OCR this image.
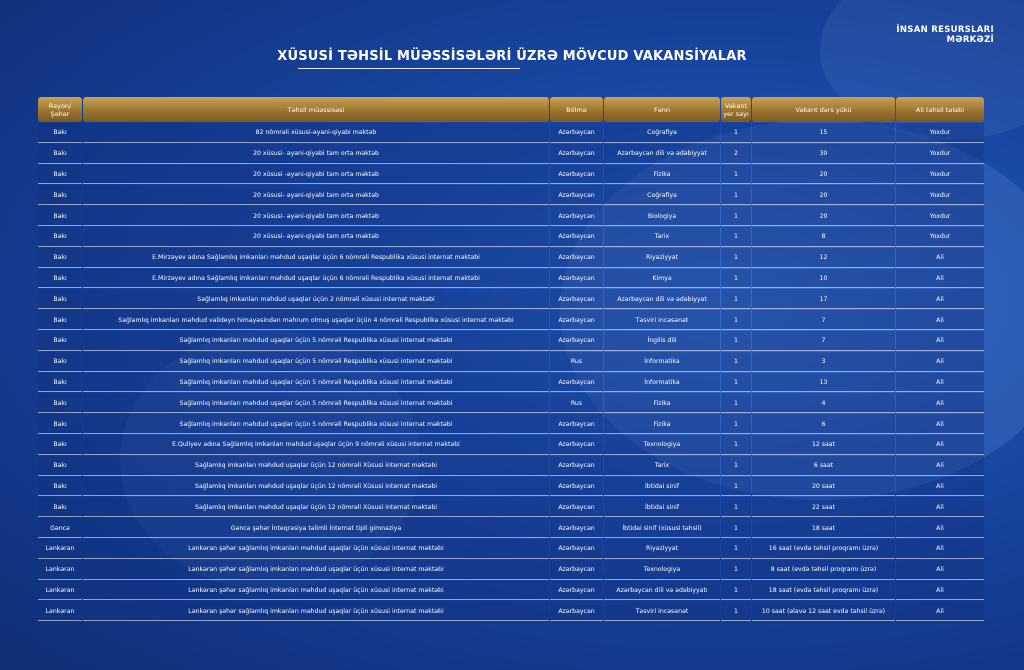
İNSAN RESURSLARI
MƏRKƏZİ
XÜSUSİ TƏHSİL MÜƏSSİSƏLƏRİ ÜZRƏ MÖVCUD VAKANSİYALAR
Rayon/Şəhər	Təhsil müəssisəsi	Bölmə	Fənn	Vakant yer sayı	Vakant dərs yükü	Ali təhsil tələbi
Bakı	82 nömrəli xüsusi-əyani-qiyabi məktəb	Azərbaycan	Coğrafiya	1	15	Yoxdur
Bakı	20 xüsusi- əyani-qiyabi tam orta məktəb	Azərbaycan	Azərbaycan dili və ədəbiyyat	2	30	Yoxdur
Bakı	20 xüsusi -əyani-qiyabi tam orta məktəb	Azərbaycan	Fizika	1	20	Yoxdur
Bakı	20 xüsusi- əyani-qiyabi tam orta məktəb	Azərbaycan	Coğrafiya	1	20	Yoxdur
Bakı	20 xüsusi- əyani-qiyabi tam orta məktəb	Azərbaycan	Biologiya	1	20	Yoxdur
Bakı	20 xüsusi- əyani-qiyabi tam orta məktəb	Azərbaycan	Tarix	1	8	Yoxdur
Bakı	E.Mirzəyev adına Sağlamlıq imkanları məhdud uşaqlar üçün 6 nömrəli Respublika xüsusi internat məktəbi	Azərbaycan	Riyaziyyat	1	12	Ali
Bakı	E.Mirzəyev adına Sağlamlıq imkanları məhdud uşaqlar üçün 6 nömrəli Respublika xüsusi internat məktəbi	Azərbaycan	Kimya	1	10	Ali
Bakı	Sağlamlıq imkanları məhdud uşaqlar üçün 2 nömrəli xüsusi internat məktəbi	Azərbaycan	Azərbaycan dili və ədəbiyyat	1	17	Ali
Bakı	Sağlamlıq imkanları məhdud valideyn himayəsindən məhrum olmuş uşaqlar üçün 4 nömrəli Respublika xüsusi internat məktəbi	Azərbaycan	Təsviri incəsənət	1	7	Ali
Bakı	Sağlamlıq imkanları məhdud uşaqlar üçün 5 nömrəli Respublika xüsusi internat məktəbi	Azərbaycan	İngilis dili	1	7	Ali
Bakı	Sağlamlıq imkanları məhdud uşaqlar üçün 5 nömrəli Respublika xüsusi internat məktəbi	Rus	İnformatika	1	3	Ali
Bakı	Sağlamlıq imkanları məhdud uşaqlar üçün 5 nömrəli Respublika xüsusi internat məktəbi	Azərbaycan	İnformatika	1	13	Ali
Bakı	Sağlamlıq imkanları məhdud uşaqlar üçün 5 nömrəli Respublika xüsusi internat məktəbi	Rus	Fizika	1	4	Ali
Bakı	Sağlamlıq imkanları məhdud uşaqlar üçün 5 nömrəli Respublika xüsusi internat məktəbi	Azərbaycan	Fizika	1	6	Ali
Bakı	E.Quliyev adına Sağlamlıq imkanları məhdud uşaqlar üçün 9 nömrəli xüsusi internat məktəbi	Azərbaycan	Texnologiya	1	12 saat	Ali
Bakı	Sağlamlıq imkanları məhdud uşaqlar üçün 12 nömrəli Xüsusi internat məktəbi	Azərbaycan	Tarix	1	6 saat	Ali
Bakı	Sağlamlıq imkanları məhdud uşaqlar üçün 12 nömrəli Xüsusi internat məktəbi	Azərbaycan	İbtidai sinif	1	20 saat	Ali
Bakı	Sağlamlıq imkanları məhdud uşaqlar üçün 12 nömrəli Xüsusi internat məktəbi	Azərbaycan	İbtidai sinif	1	22 saat	Ali
Gəncə	Gəncə şəhər İnteqrasiya təlimli İnternat tipli gimnaziya	Azərbaycan	İbtidai sinif (xüsusi təhsil)	1	18 saat	Ali
Lənkəran	Lənkəran şəhər sağlamlıq imkanları məhdud uşaqlar üçün xüsusi internat məktəbi	Azərbaycan	Riyaziyyat	1	16 saat (evdə təhsil proqramı üzrə)	Ali
Lənkəran	Lənkəran şəhər sağlamlıq imkanları məhdud uşaqlar üçün xüsusi internat məktəbi	Azərbaycan	Texnologiya	1	8 saat (evdə təhsil proqramı üzrə)	Ali
Lənkəran	Lənkəran şəhər sağlamlıq imkanları məhdud uşaqlar üçün xüsusi internat məktəbi	Azərbaycan	Azərbaycan dili və ədəbiyyatı	1	18 saat (evdə təhsil proqramı üzrə)	Ali
Lənkəran	Lənkəran şəhər sağlamlıq imkanları məhdud uşaqlar üçün xüsusi internat məktəbi	Azərbaycan	Təsviri incəsənət	1	10 saat (əlavə 12 saat evdə təhsil üzrə)	Ali
